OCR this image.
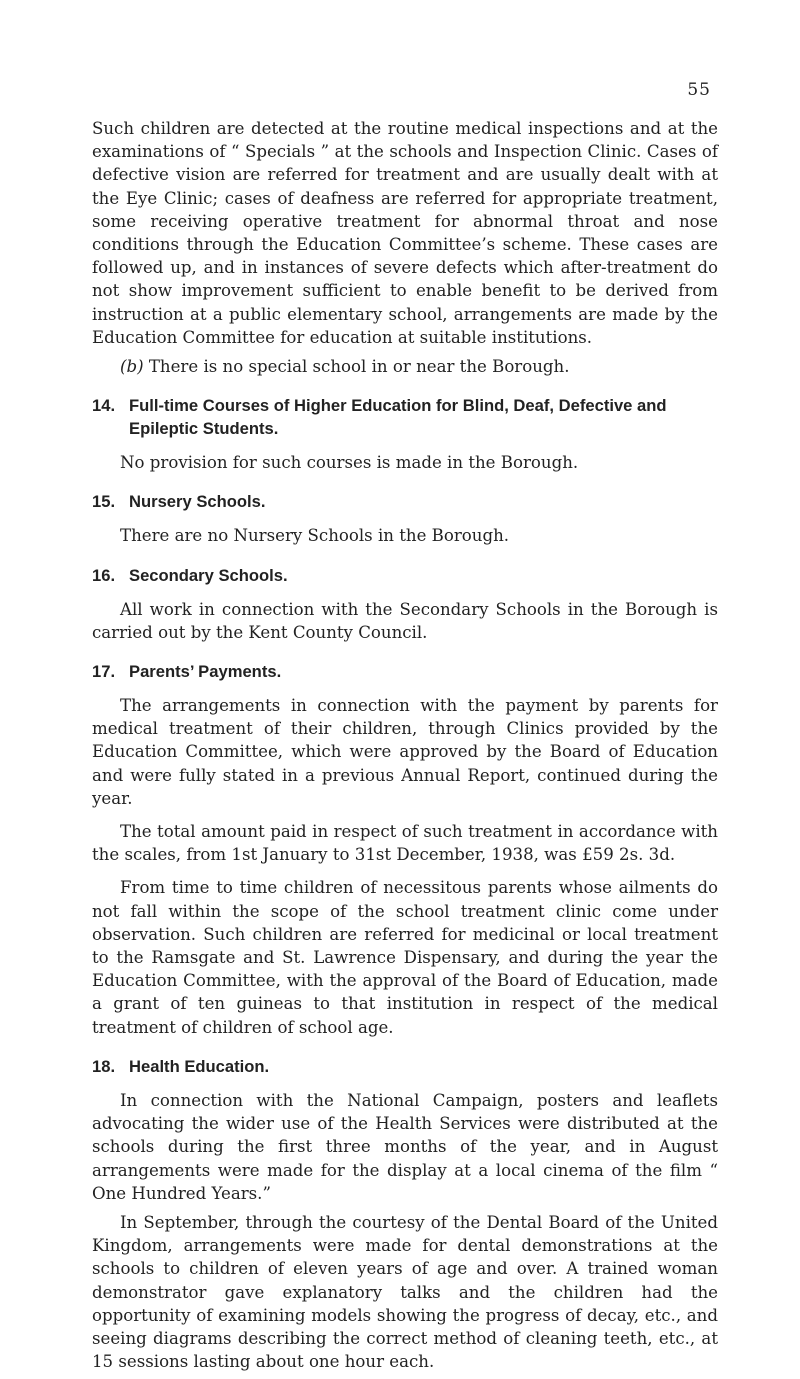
55

Such children are detected at the routine medical inspections and at the examinations of “ Specials ” at the schools and Inspection Clinic. Cases of defective vision are referred for treatment and are usually dealt with at the Eye Clinic; cases of deafness are referred for appropriate treatment, some receiving operative treatment for abnormal throat and nose conditions through the Education Committee’s scheme. These cases are followed up, and in instances of severe defects which after-treatment do not show improvement sufficient to enable benefit to be derived from instruction at a public elementary school, arrangements are made by the Education Committee for education at suitable institutions.

(b) There is no special school in or near the Borough.

14. Full-time Courses of Higher Education for Blind, Deaf, Defective and Epileptic Students.

No provision for such courses is made in the Borough.

15. Nursery Schools.

There are no Nursery Schools in the Borough.

16. Secondary Schools.

All work in connection with the Secondary Schools in the Borough is carried out by the Kent County Council.

17. Parents’ Payments.

The arrangements in connection with the payment by parents for medical treatment of their children, through Clinics provided by the Education Committee, which were approved by the Board of Education and were fully stated in a previous Annual Report, continued during the year.

The total amount paid in respect of such treatment in accordance with the scales, from 1st January to 31st December, 1938, was £59 2s. 3d.

From time to time children of necessitous parents whose ailments do not fall within the scope of the school treatment clinic come under observation. Such children are referred for medicinal or local treatment to the Ramsgate and St. Lawrence Dispensary, and during the year the Education Committee, with the approval of the Board of Education, made a grant of ten guineas to that institution in respect of the medical treatment of children of school age.

18. Health Education.

In connection with the National Campaign, posters and leaflets advocating the wider use of the Health Services were distributed at the schools during the first three months of the year, and in August arrangements were made for the display at a local cinema of the film “ One Hundred Years.”

In September, through the courtesy of the Dental Board of the United Kingdom, arrangements were made for dental demonstrations at the schools to children of eleven years of age and over. A trained woman demonstrator gave explanatory talks and the children had the opportunity of examining models showing the progress of decay, etc., and seeing diagrams describing the correct method of cleaning teeth, etc., at 15 sessions lasting about one hour each.
